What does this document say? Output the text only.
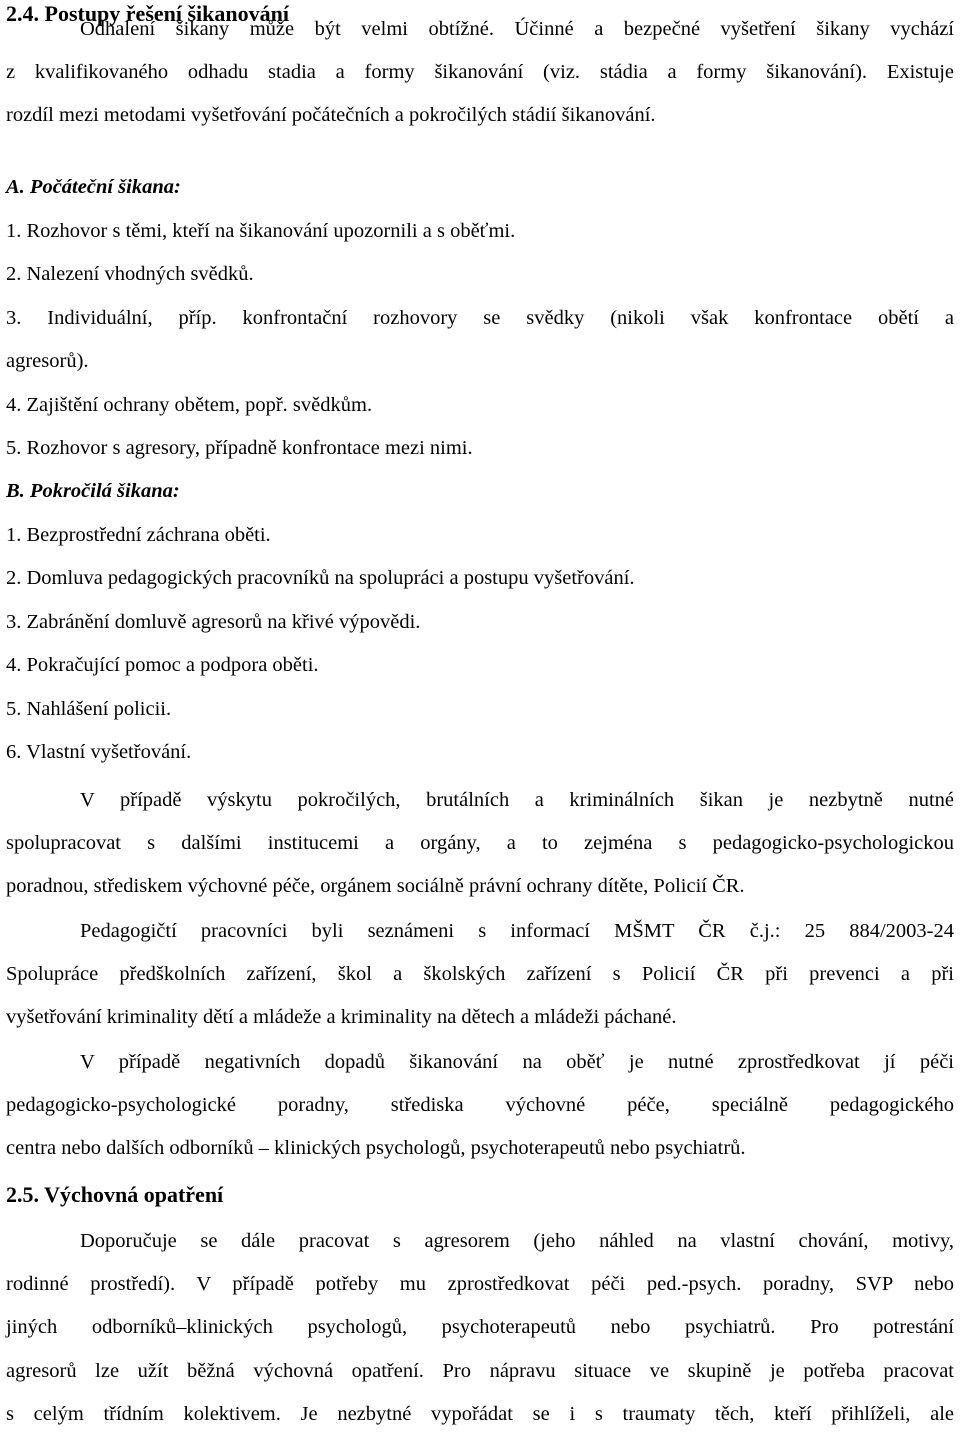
2.4. Postupy řešení šikanování
Odhalení šikany může být velmi obtížné. Účinné a bezpečné vyšetření šikany vychází
z kvalifikovaného odhadu stadia a formy šikanování (viz. stádia a formy šikanování). Existuje
rozdíl mezi metodami vyšetřování počátečních a pokročilých stádií šikanování.
A. Počáteční šikana:
1. Rozhovor s těmi, kteří na šikanování upozornili a s oběťmi.
2. Nalezení vhodných svědků.
3. Individuální, příp. konfrontační rozhovory se svědky (nikoli však konfrontace obětí a
agresorů).
4. Zajištění ochrany obětem, popř. svědkům.
5. Rozhovor s agresory, případně konfrontace mezi nimi.
B. Pokročilá šikana:
1. Bezprostřední záchrana oběti.
2. Domluva pedagogických pracovníků na spolupráci a postupu vyšetřování.
3. Zabránění domluvě agresorů na křivé výpovědi.
4. Pokračující pomoc a podpora oběti.
5. Nahlášení policii.
6. Vlastní vyšetřování.
V případě výskytu pokročilých, brutálních a kriminálních šikan je nezbytně nutné
spolupracovat s dalšími institucemi a orgány, a to zejména s pedagogicko-psychologickou
poradnou, střediskem výchovné péče, orgánem sociálně právní ochrany dítěte, Policií ČR.
Pedagogičtí pracovníci byli seznámeni s informací MŠMT ČR č.j.: 25 884/2003-24
Spolupráce předškolních zařízení, škol a školských zařízení s Policií ČR při prevenci a při
vyšetřování kriminality dětí a mládeže a kriminality na dětech a mládeži páchané.
V případě negativních dopadů šikanování na oběť je nutné zprostředkovat jí péči
pedagogicko-psychologické poradny, střediska výchovné péče, speciálně pedagogického
centra nebo dalších odborníků – klinických psychologů, psychoterapeutů nebo psychiatrů.
2.5. Výchovná opatření
Doporučuje se dále pracovat s agresorem (jeho náhled na vlastní chování, motivy,
rodinné prostředí). V případě potřeby mu zprostředkovat péči ped.-psych. poradny, SVP nebo
jiných odborníků–klinických psychologů, psychoterapeutů nebo psychiatrů. Pro potrestání
agresorů lze užít běžná výchovná opatření. Pro nápravu situace ve skupině je potřeba pracovat
s celým třídním kolektivem. Je nezbytné vypořádat se i s traumaty těch, kteří přihlíželi, ale
